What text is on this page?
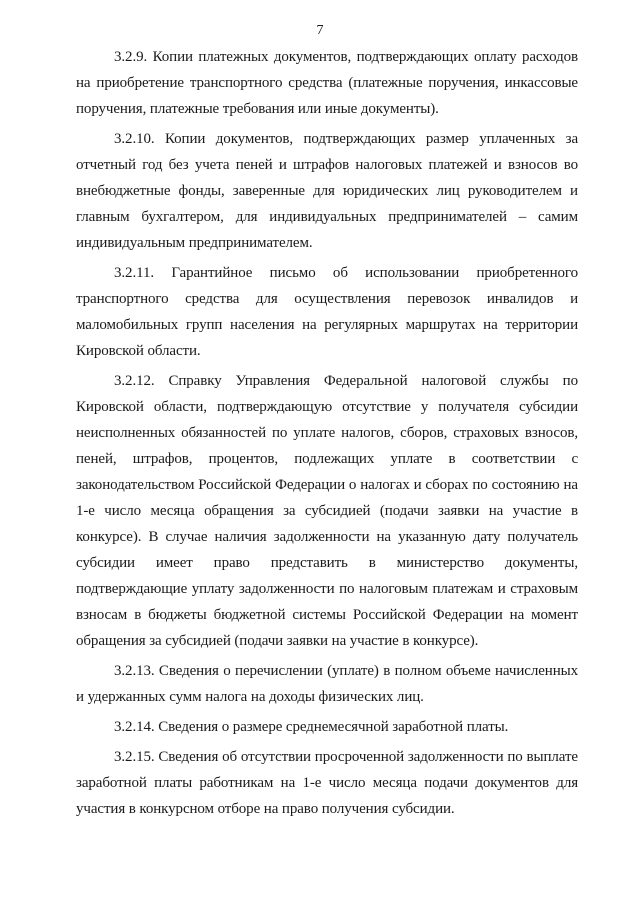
7

3.2.9. Копии платежных документов, подтверждающих оплату расходов на приобретение транспортного средства (платежные поручения, инкассовые поручения, платежные требования или иные документы).

3.2.10. Копии документов, подтверждающих размер уплаченных за отчетный год без учета пеней и штрафов налоговых платежей и взносов во внебюджетные фонды, заверенные для юридических лиц руководителем и главным бухгалтером, для индивидуальных предпринимателей – самим индивидуальным предпринимателем.

3.2.11. Гарантийное письмо об использовании приобретенного транспортного средства для осуществления перевозок инвалидов и маломобильных групп населения на регулярных маршрутах на территории Кировской области.

3.2.12. Справку Управления Федеральной налоговой службы по Кировской области, подтверждающую отсутствие у получателя субсидии неисполненных обязанностей по уплате налогов, сборов, страховых взносов, пеней, штрафов, процентов, подлежащих уплате в соответствии с законодательством Российской Федерации о налогах и сборах по состоянию на 1-е число месяца обращения за субсидией (подачи заявки на участие в конкурсе). В случае наличия задолженности на указанную дату получатель субсидии имеет право представить в министерство документы, подтверждающие уплату задолженности по налоговым платежам и страховым взносам в бюджеты бюджетной системы Российской Федерации на момент обращения за субсидией (подачи заявки на участие в конкурсе).

3.2.13. Сведения о перечислении (уплате) в полном объеме начисленных и удержанных сумм налога на доходы физических лиц.

3.2.14. Сведения о размере среднемесячной заработной платы.

3.2.15. Сведения об отсутствии просроченной задолженности по выплате заработной платы работникам на 1-е число месяца подачи документов для участия в конкурсном отборе на право получения субсидии.
